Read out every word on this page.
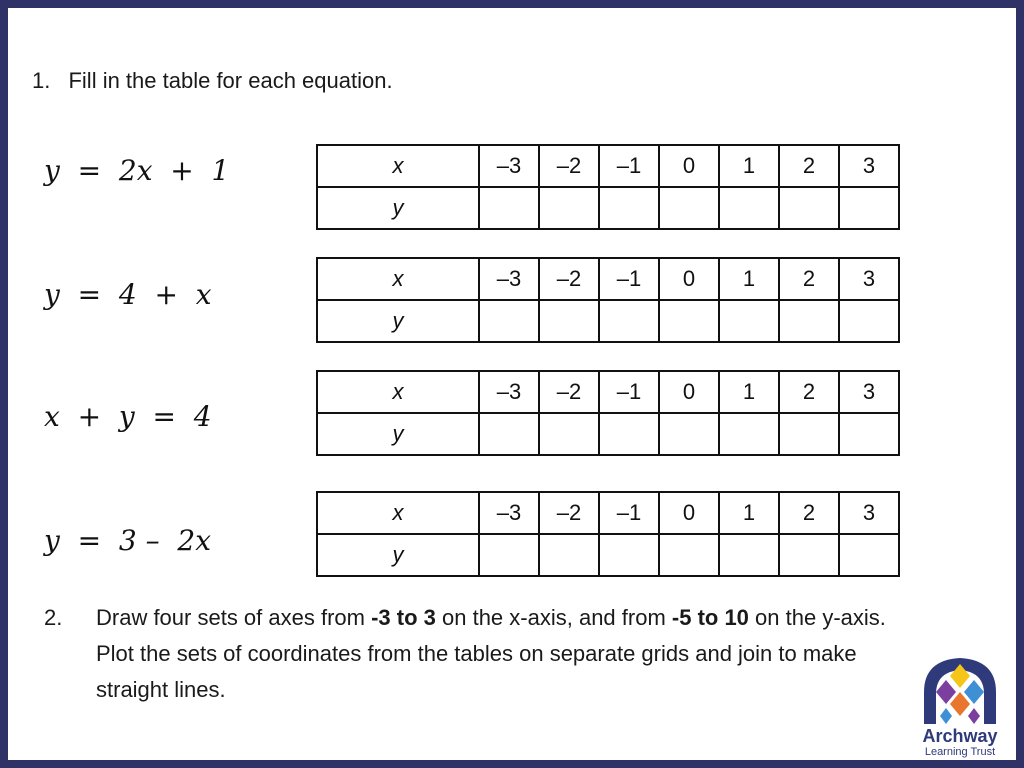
1. Fill in the table for each equation.
y  =  2x  +  1	x	–3	–2	–1	0	1	2	3
y							
y  =  4  +  x	x	–3	–2	–1	0	1	2	3
y							
x  +  y  =  4
x	–3	–2	–1	0	1	2	3
y							
y  =  3 –  2x
x	–3	–2	–1	0	1	2	3
y							
2. Draw four sets of axes from -3 to 3 on the x-axis, and from -5 to 10 on the y-axis. Plot the sets of coordinates from the tables on separate grids and join to make straight lines.
Archway
Learning Trust
